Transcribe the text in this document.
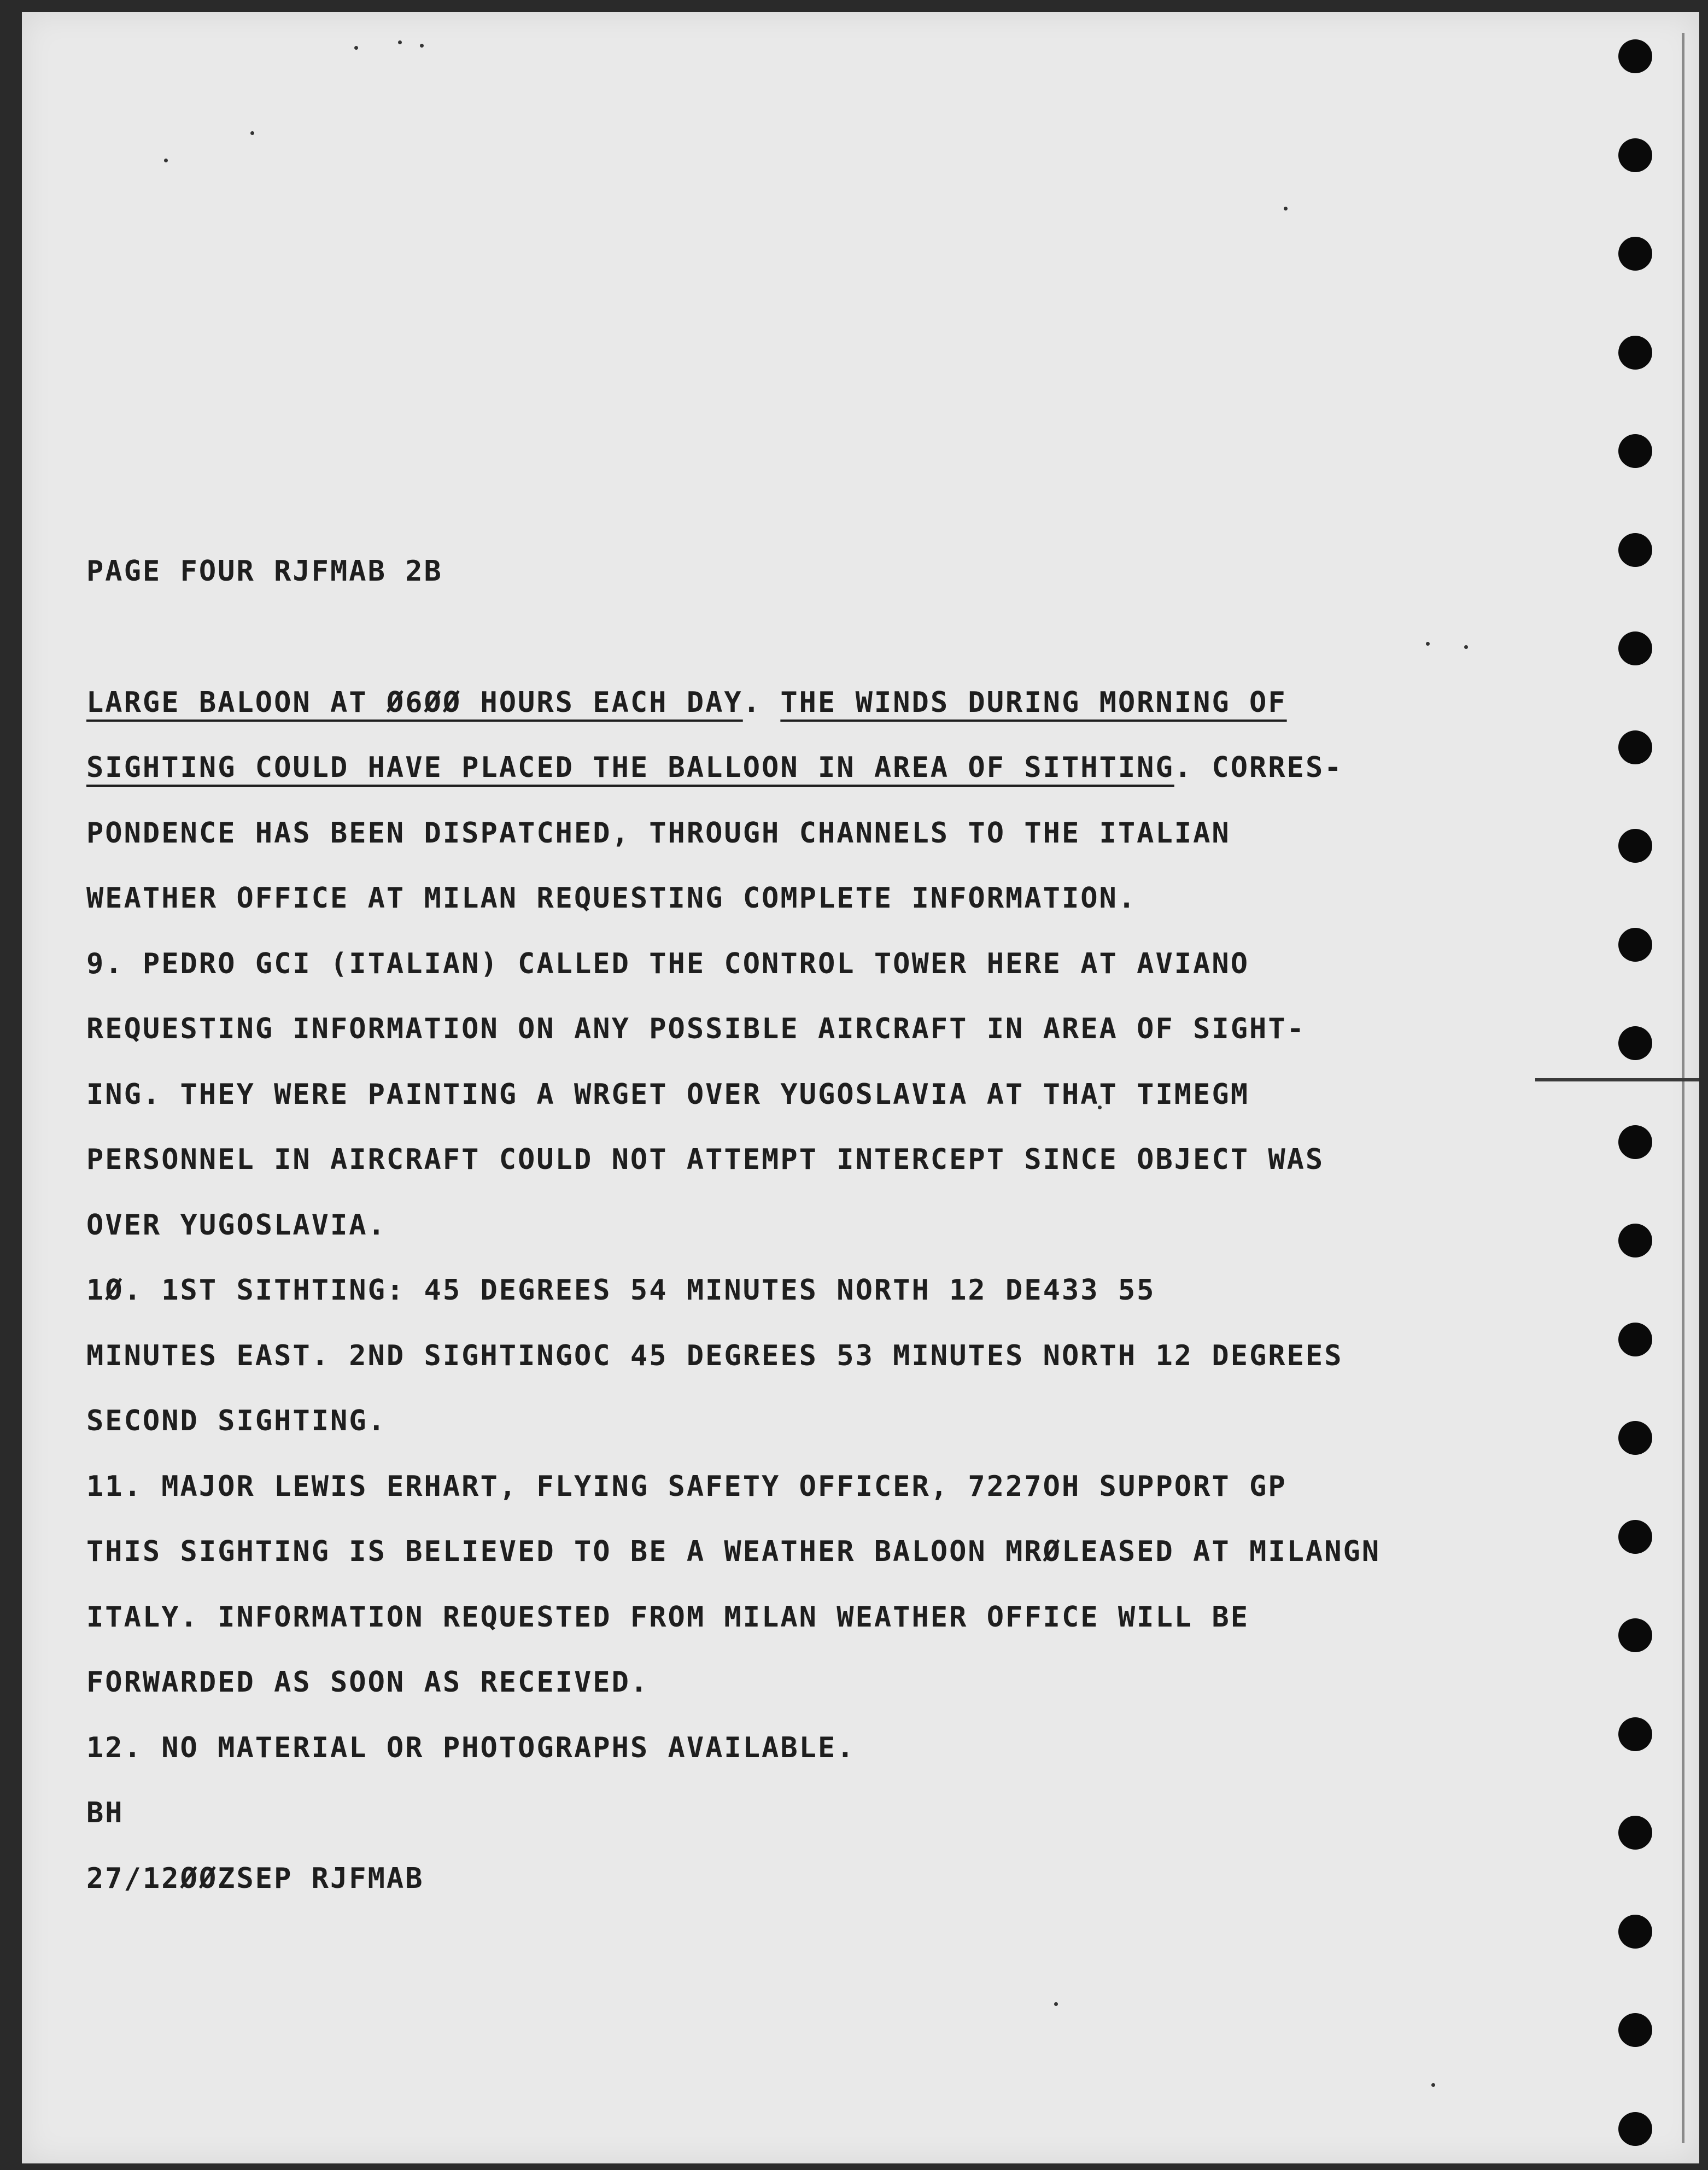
PAGE FOUR RJFMAB 2B

LARGE BALOON AT Ø6ØØ HOURS EACH DAY. THE WINDS DURING MORNING OF
SIGHTING COULD HAVE PLACED THE BALLOON IN AREA OF SITHTING. CORRES-
PONDENCE HAS BEEN DISPATCHED, THROUGH CHANNELS TO THE ITALIAN
WEATHER OFFICE AT MILAN REQUESTING COMPLETE INFORMATION.
9. PEDRO GCI (ITALIAN) CALLED THE CONTROL TOWER HERE AT AVIANO
REQUESTING INFORMATION ON ANY POSSIBLE AIRCRAFT IN AREA OF SIGHT-
ING. THEY WERE PAINTING A WRGET OVER YUGOSLAVIA AT THAT TIMEGM
PERSONNEL IN AIRCRAFT COULD NOT ATTEMPT INTERCEPT SINCE OBJECT WAS
OVER YUGOSLAVIA.
1Ø. 1ST SITHTING: 45 DEGREES 54 MINUTES NORTH 12 DE433 55
MINUTES EAST. 2ND SIGHTINGOC 45 DEGREES 53 MINUTES NORTH 12 DEGREES
SECOND SIGHTING.
11. MAJOR LEWIS ERHART, FLYING SAFETY OFFICER, 7227OH SUPPORT GP
THIS SIGHTING IS BELIEVED TO BE A WEATHER BALOON MRØLEASED AT MILANGN
ITALY. INFORMATION REQUESTED FROM MILAN WEATHER OFFICE WILL BE
FORWARDED AS SOON AS RECEIVED.
12. NO MATERIAL OR PHOTOGRAPHS AVAILABLE.
BH
27/12ØØZSEP RJFMAB
